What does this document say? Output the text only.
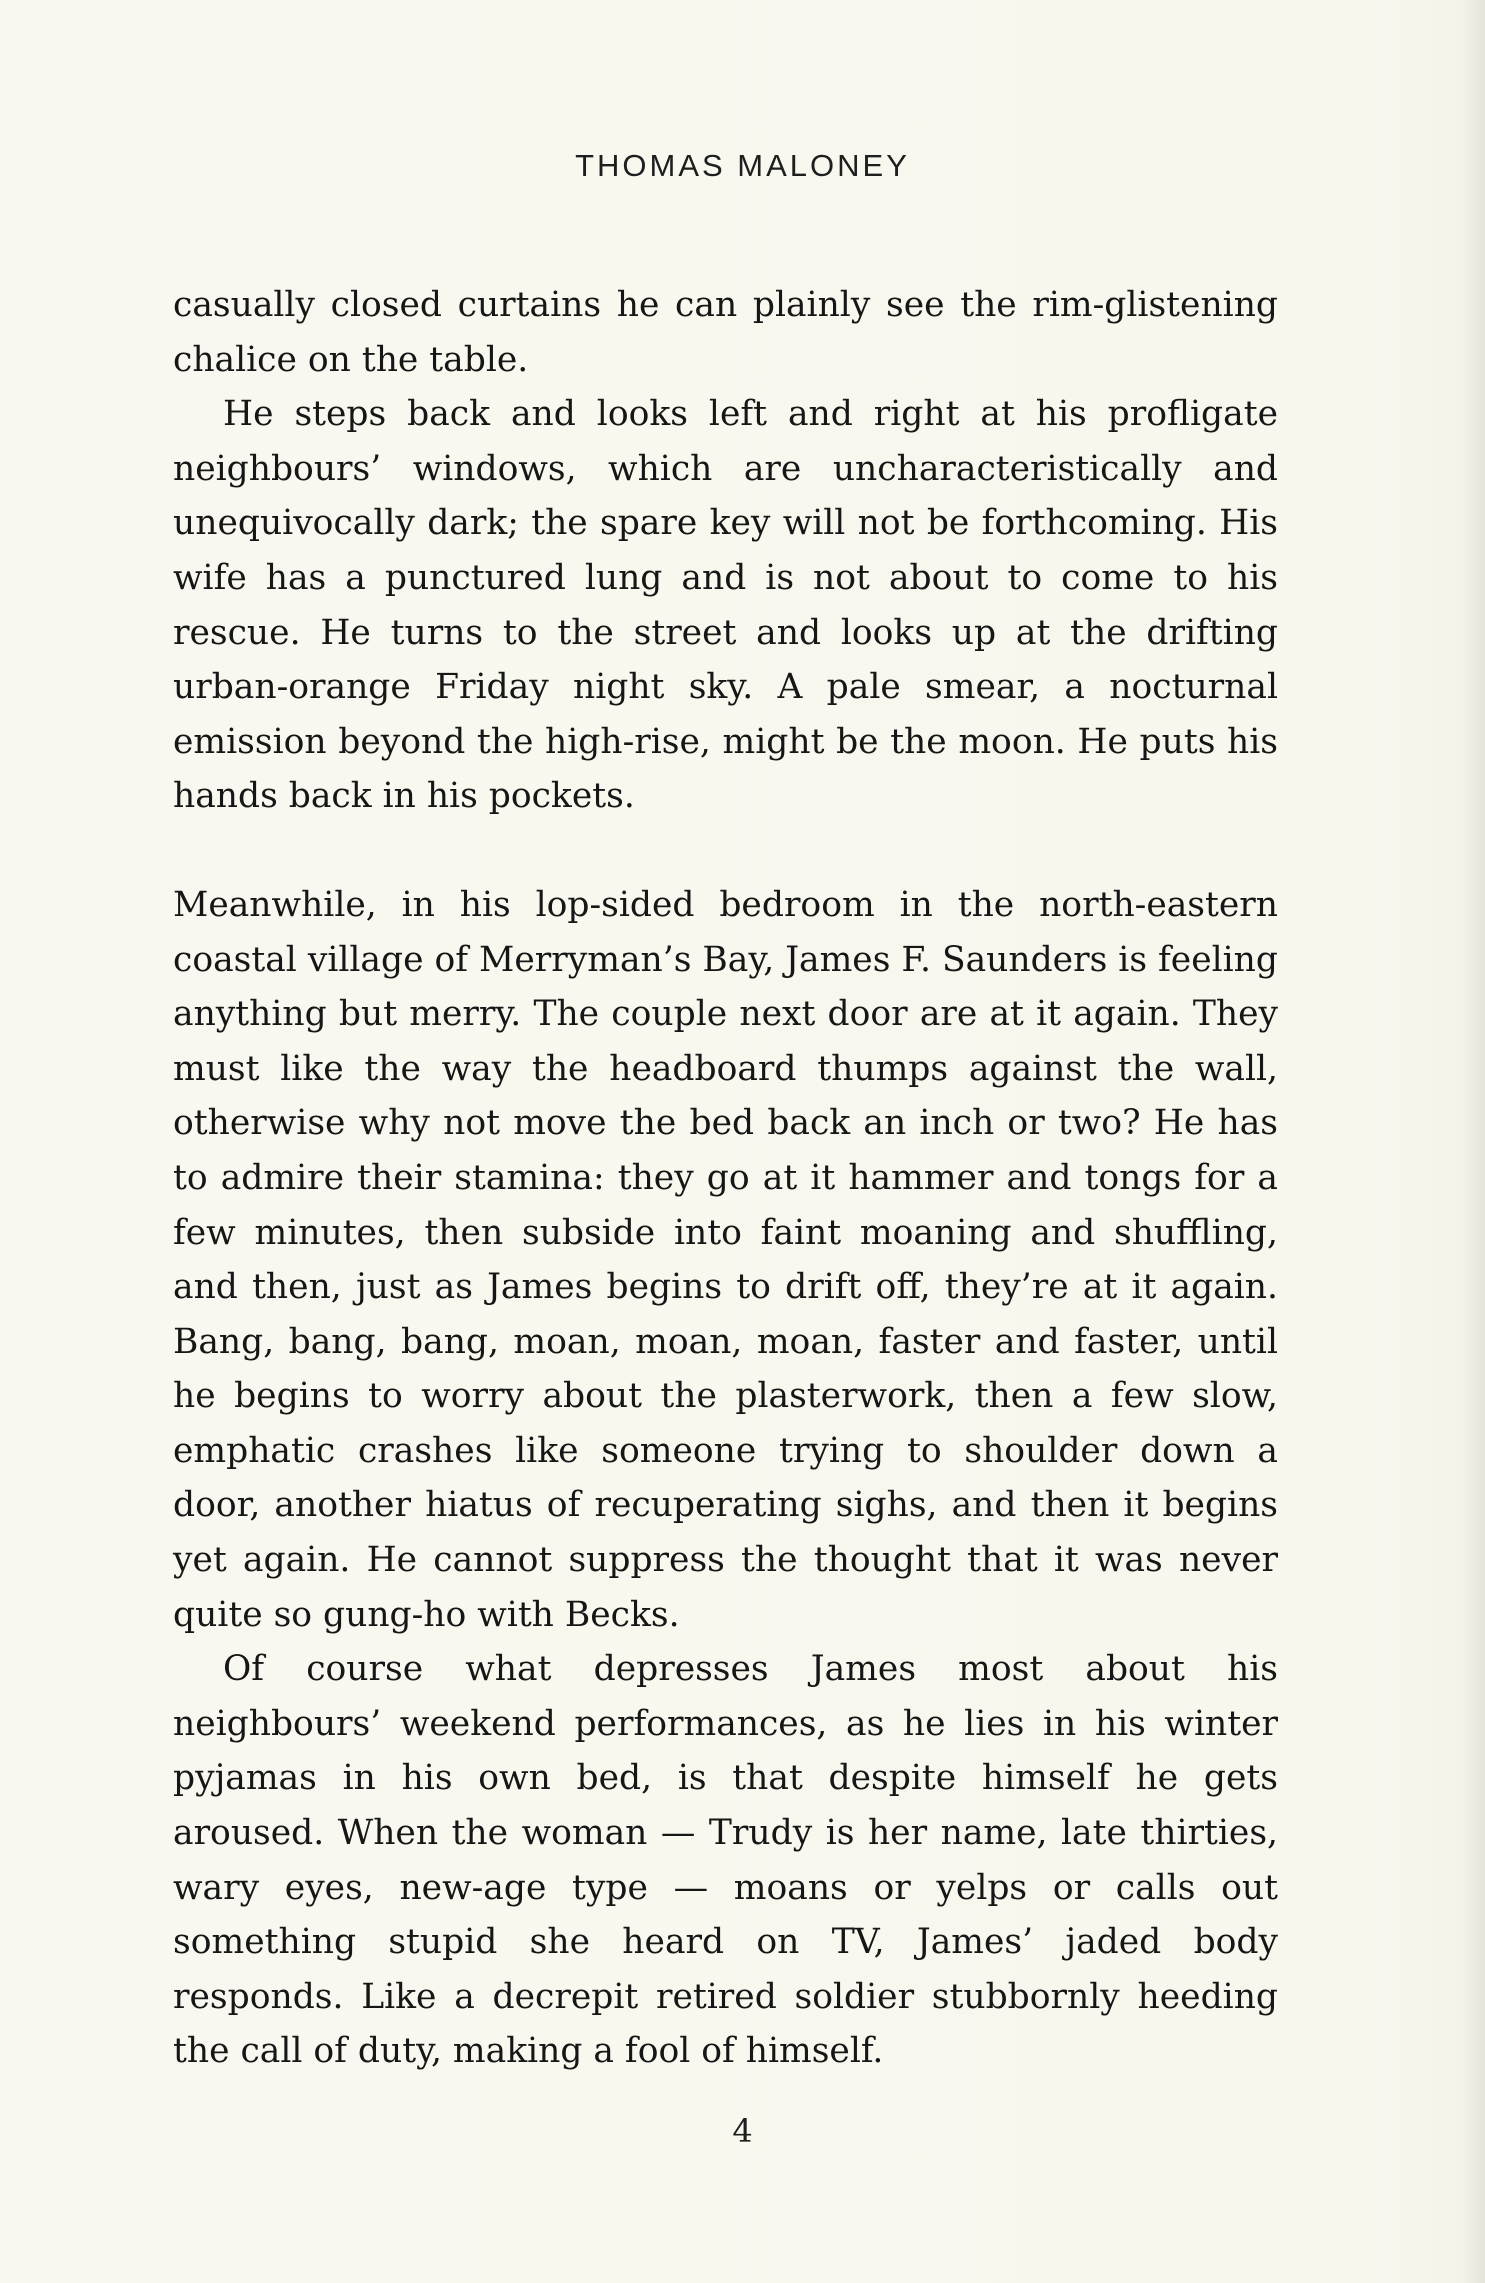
THOMAS MALONEY

casually closed curtains he can plainly see the rim-glistening chalice on the table.

He steps back and looks left and right at his profligate neighbours’ windows, which are uncharacteristically and unequivocally dark; the spare key will not be forthcoming. His wife has a punctured lung and is not about to come to his rescue. He turns to the street and looks up at the drifting urban-orange Friday night sky. A pale smear, a nocturnal emission beyond the high-rise, might be the moon. He puts his hands back in his pockets.

Meanwhile, in his lop-sided bedroom in the north-eastern coastal village of Merryman’s Bay, James F. Saunders is feeling anything but merry. The couple next door are at it again. They must like the way the headboard thumps against the wall, otherwise why not move the bed back an inch or two? He has to admire their stamina: they go at it hammer and tongs for a few minutes, then subside into faint moaning and shuffling, and then, just as James begins to drift off, they’re at it again. Bang, bang, bang, moan, moan, moan, faster and faster, until he begins to worry about the plasterwork, then a few slow, emphatic crashes like someone trying to shoulder down a door, another hiatus of recuperating sighs, and then it begins yet again. He cannot suppress the thought that it was never quite so gung-ho with Becks.

Of course what depresses James most about his neighbours’ weekend performances, as he lies in his winter pyjamas in his own bed, is that despite himself he gets aroused. When the woman — Trudy is her name, late thirties, wary eyes, new-age type — moans or yelps or calls out something stupid she heard on TV, James’ jaded body responds. Like a decrepit retired soldier stubbornly heeding the call of duty, making a fool of himself.

4
